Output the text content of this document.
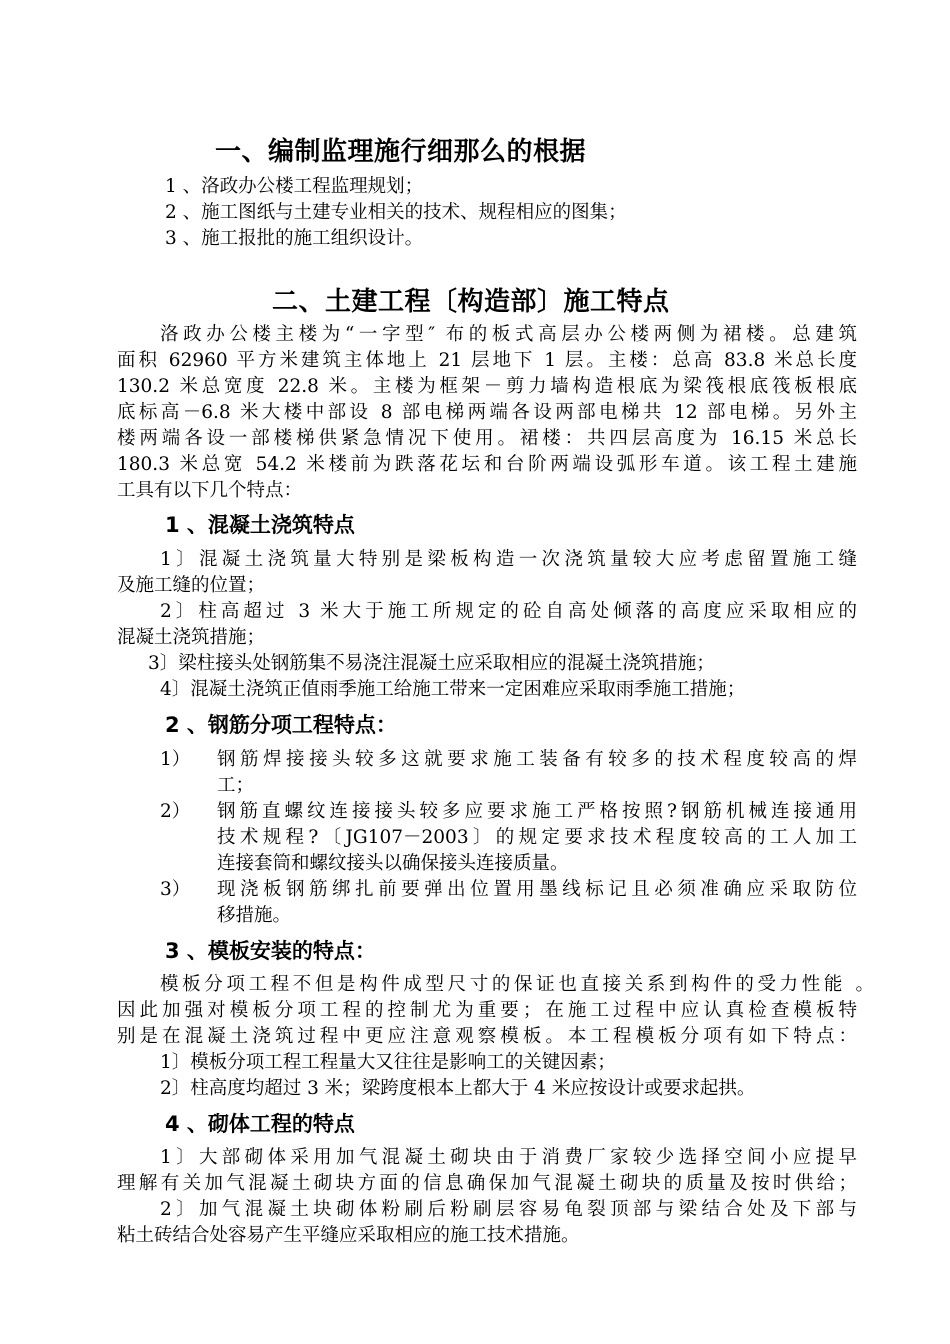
一、编制监理施行细那么的根据
1 、洛政办公楼工程监理规划；
2 、施工图纸与土建专业相关的技术、规程相应的图集；
3 、施工报批的施工组织设计。
二、土建工程〔构造部〕施工特点
洛政办公楼主楼为“一字型″ 布的板式高层办公楼两侧为裙楼。总建筑
面积 62960 平方米建筑主体地上 21 层地下 1 层。主楼：总高 83.8 米总长度
130.2 米总宽度 22.8 米。主楼为框架－剪力墙构造根底为梁筏根底筏板根底
底标高－6.8 米大楼中部设 8 部电梯两端各设两部电梯共 12 部电梯。另外主
楼两端各设一部楼梯供紧急情况下使用。裙楼：共四层高度为 16.15 米总长
180.3 米总宽 54.2 米楼前为跌落花坛和台阶两端设弧形车道。该工程土建施
工具有以下几个特点：
1 、混凝土浇筑特点
1〕混凝土浇筑量大特别是梁板构造一次浇筑量较大应考虑留置施工缝
及施工缝的位置；
2〕柱高超过 3 米大于施工所规定的砼自高处倾落的高度应采取相应的
混凝土浇筑措施；
3〕梁柱接头处钢筋集不易浇注混凝土应采取相应的混凝土浇筑措施；
4〕混凝土浇筑正值雨季施工给施工带来一定困难应采取雨季施工措施；
2 、钢筋分项工程特点：
1） 钢筋焊接接头较多这就要求施工装备有较多的技术程度较高的焊
工；
2） 钢筋直螺纹连接接头较多应要求施工严格按照?钢筋机械连接通用
技术规程?〔JG107－2003〕的规定要求技术程度较高的工人加工
连接套筒和螺纹接头以确保接头连接质量。
3） 现浇板钢筋绑扎前要弹出位置用墨线标记且必须准确应采取防位
移措施。
3 、模板安装的特点：
模板分项工程不但是构件成型尺寸的保证也直接关系到构件的受力性能 。
因此加强对模板分项工程的控制尤为重要；在施工过程中应认真检查模板特
别是在混凝土浇筑过程中更应注意观察模板。本工程模板分项有如下特点：
1〕模板分项工程工程量大又往往是影响工的关键因素；
2〕柱高度均超过 3 米；梁跨度根本上都大于 4 米应按设计或要求起拱。
4 、砌体工程的特点
1〕大部砌体采用加气混凝土砌块由于消费厂家较少选择空间小应提早
理解有关加气混凝土砌块方面的信息确保加气混凝土砌块的质量及按时供给；
2〕加气混凝土块砌体粉刷后粉刷层容易龟裂顶部与梁结合处及下部与
粘土砖结合处容易产生平缝应采取相应的施工技术措施。
